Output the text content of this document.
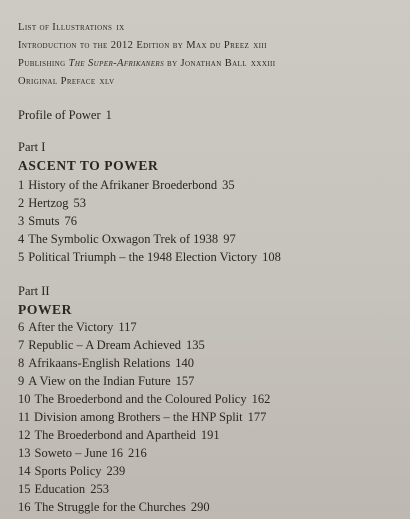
List of Illustrations ix
Introduction to the 2012 Edition by Max du Preez xiii
Publishing The Super-Afrikaners by Jonathan Ball xxxiii
Original Preface xlv
Profile of Power 1
Part I
ASCENT TO POWER
1 History of the Afrikaner Broederbond 35
2 Hertzog 53
3 Smuts 76
4 The Symbolic Oxwagon Trek of 1938 97
5 Political Triumph – the 1948 Election Victory 108
Part II
POWER
6 After the Victory 117
7 Republic – A Dream Achieved 135
8 Afrikaans-English Relations 140
9 A View on the Indian Future 157
10 The Broederbond and the Coloured Policy 162
11 Division among Brothers – the HNP Split 177
12 The Broederbond and Apartheid 191
13 Soweto – June 16 216
14 Sports Policy 239
15 Education 253
16 The Struggle for the Churches 290
